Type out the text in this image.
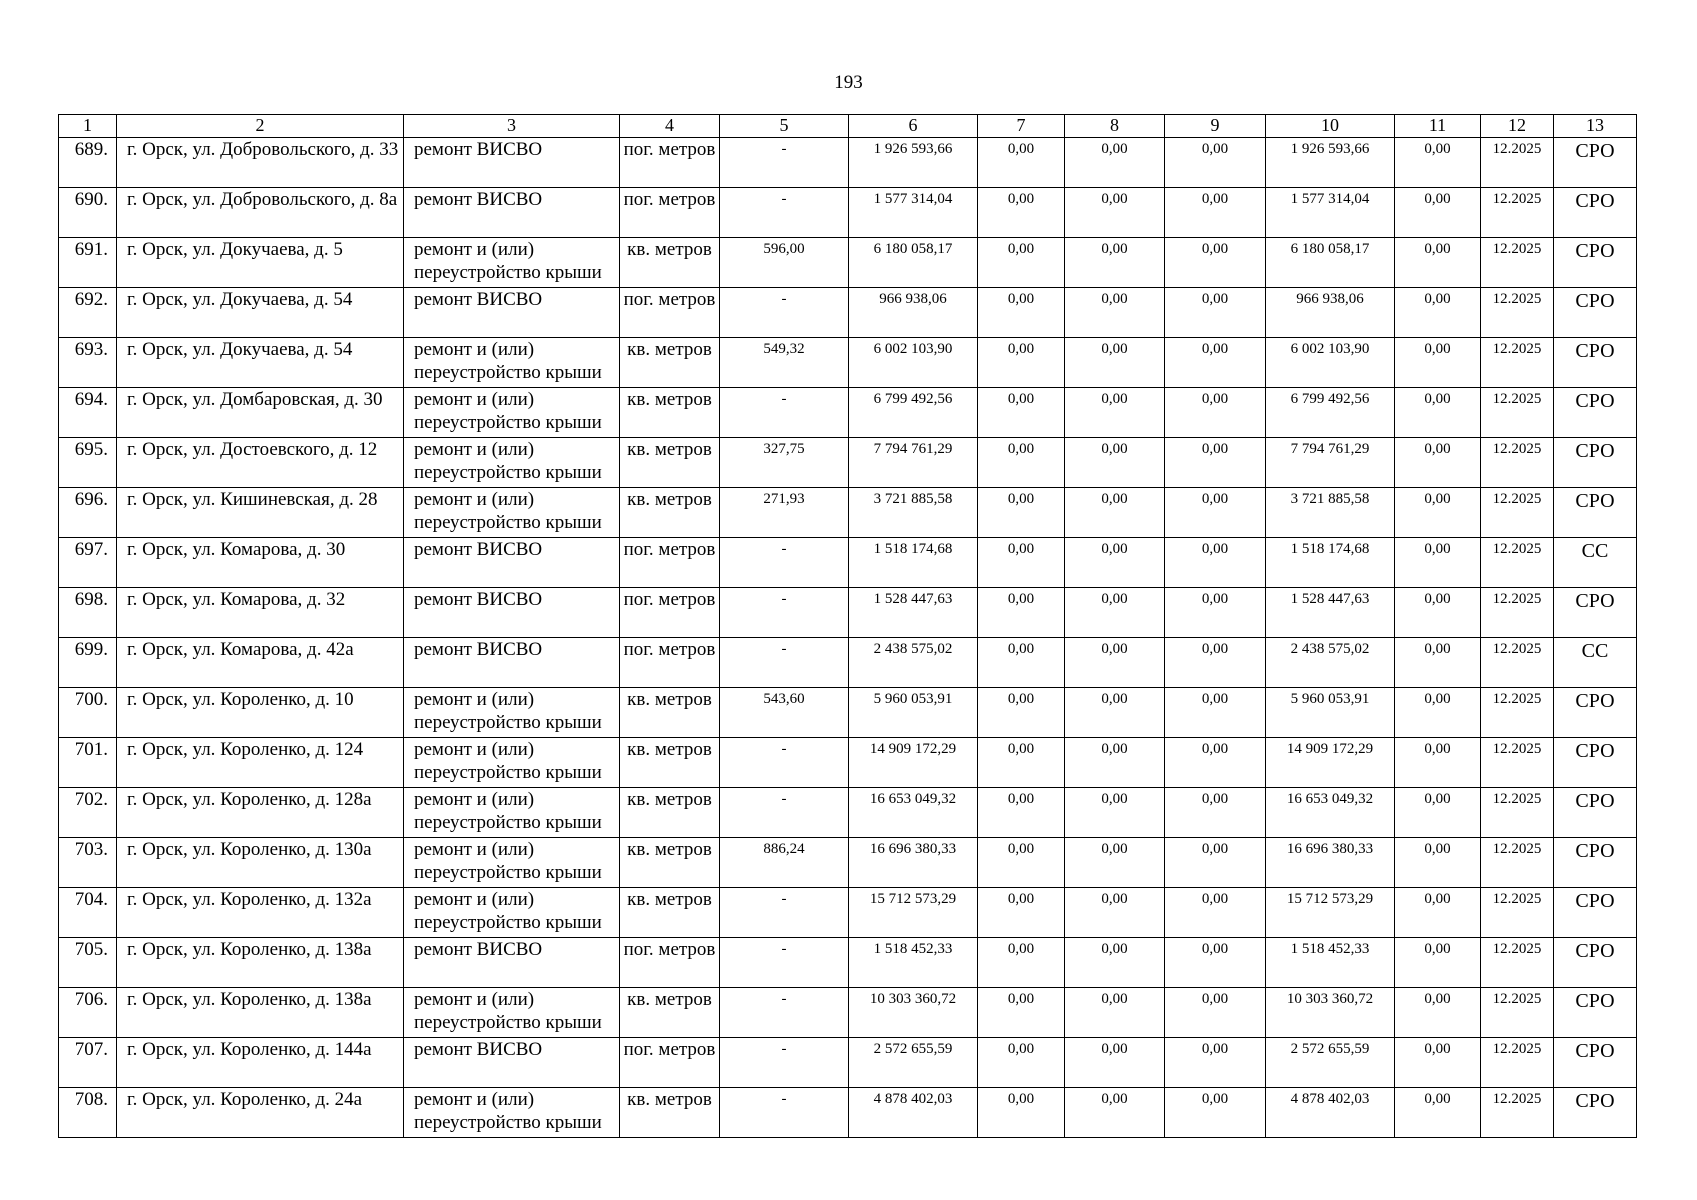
193
1	2	3	4	5	6	7	8	9	10	11	12	13
689.	г. Орск, ул. Добровольского, д. 33	ремонт ВИСВО	пог. метров	-	1 926 593,66	0,00	0,00	0,00	1 926 593,66	0,00	12.2025	СРО
690.	г. Орск, ул. Добровольского, д. 8а	ремонт ВИСВО	пог. метров	-	1 577 314,04	0,00	0,00	0,00	1 577 314,04	0,00	12.2025	СРО
691.	г. Орск, ул. Докучаева, д. 5	ремонт и (или) переустройство крыши	кв. метров	596,00	6 180 058,17	0,00	0,00	0,00	6 180 058,17	0,00	12.2025	СРО
692.	г. Орск, ул. Докучаева, д. 54	ремонт ВИСВО	пог. метров	-	966 938,06	0,00	0,00	0,00	966 938,06	0,00	12.2025	СРО
693.	г. Орск, ул. Докучаева, д. 54	ремонт и (или) переустройство крыши	кв. метров	549,32	6 002 103,90	0,00	0,00	0,00	6 002 103,90	0,00	12.2025	СРО
694.	г. Орск, ул. Домбаровская, д. 30	ремонт и (или) переустройство крыши	кв. метров	-	6 799 492,56	0,00	0,00	0,00	6 799 492,56	0,00	12.2025	СРО
695.	г. Орск, ул. Достоевского, д. 12	ремонт и (или) переустройство крыши	кв. метров	327,75	7 794 761,29	0,00	0,00	0,00	7 794 761,29	0,00	12.2025	СРО
696.	г. Орск, ул. Кишиневская, д. 28	ремонт и (или) переустройство крыши	кв. метров	271,93	3 721 885,58	0,00	0,00	0,00	3 721 885,58	0,00	12.2025	СРО
697.	г. Орск, ул. Комарова, д. 30	ремонт ВИСВО	пог. метров	-	1 518 174,68	0,00	0,00	0,00	1 518 174,68	0,00	12.2025	СС
698.	г. Орск, ул. Комарова, д. 32	ремонт ВИСВО	пог. метров	-	1 528 447,63	0,00	0,00	0,00	1 528 447,63	0,00	12.2025	СРО
699.	г. Орск, ул. Комарова, д. 42а	ремонт ВИСВО	пог. метров	-	2 438 575,02	0,00	0,00	0,00	2 438 575,02	0,00	12.2025	СС
700.	г. Орск, ул. Короленко, д. 10	ремонт и (или) переустройство крыши	кв. метров	543,60	5 960 053,91	0,00	0,00	0,00	5 960 053,91	0,00	12.2025	СРО
701.	г. Орск, ул. Короленко, д. 124	ремонт и (или) переустройство крыши	кв. метров	-	14 909 172,29	0,00	0,00	0,00	14 909 172,29	0,00	12.2025	СРО
702.	г. Орск, ул. Короленко, д. 128а	ремонт и (или) переустройство крыши	кв. метров	-	16 653 049,32	0,00	0,00	0,00	16 653 049,32	0,00	12.2025	СРО
703.	г. Орск, ул. Короленко, д. 130а	ремонт и (или) переустройство крыши	кв. метров	886,24	16 696 380,33	0,00	0,00	0,00	16 696 380,33	0,00	12.2025	СРО
704.	г. Орск, ул. Короленко, д. 132а	ремонт и (или) переустройство крыши	кв. метров	-	15 712 573,29	0,00	0,00	0,00	15 712 573,29	0,00	12.2025	СРО
705.	г. Орск, ул. Короленко, д. 138а	ремонт ВИСВО	пог. метров	-	1 518 452,33	0,00	0,00	0,00	1 518 452,33	0,00	12.2025	СРО
706.	г. Орск, ул. Короленко, д. 138а	ремонт и (или) переустройство крыши	кв. метров	-	10 303 360,72	0,00	0,00	0,00	10 303 360,72	0,00	12.2025	СРО
707.	г. Орск, ул. Короленко, д. 144а	ремонт ВИСВО	пог. метров	-	2 572 655,59	0,00	0,00	0,00	2 572 655,59	0,00	12.2025	СРО
708.	г. Орск, ул. Короленко, д. 24а	ремонт и (или) переустройство крыши	кв. метров	-	4 878 402,03	0,00	0,00	0,00	4 878 402,03	0,00	12.2025	СРО
